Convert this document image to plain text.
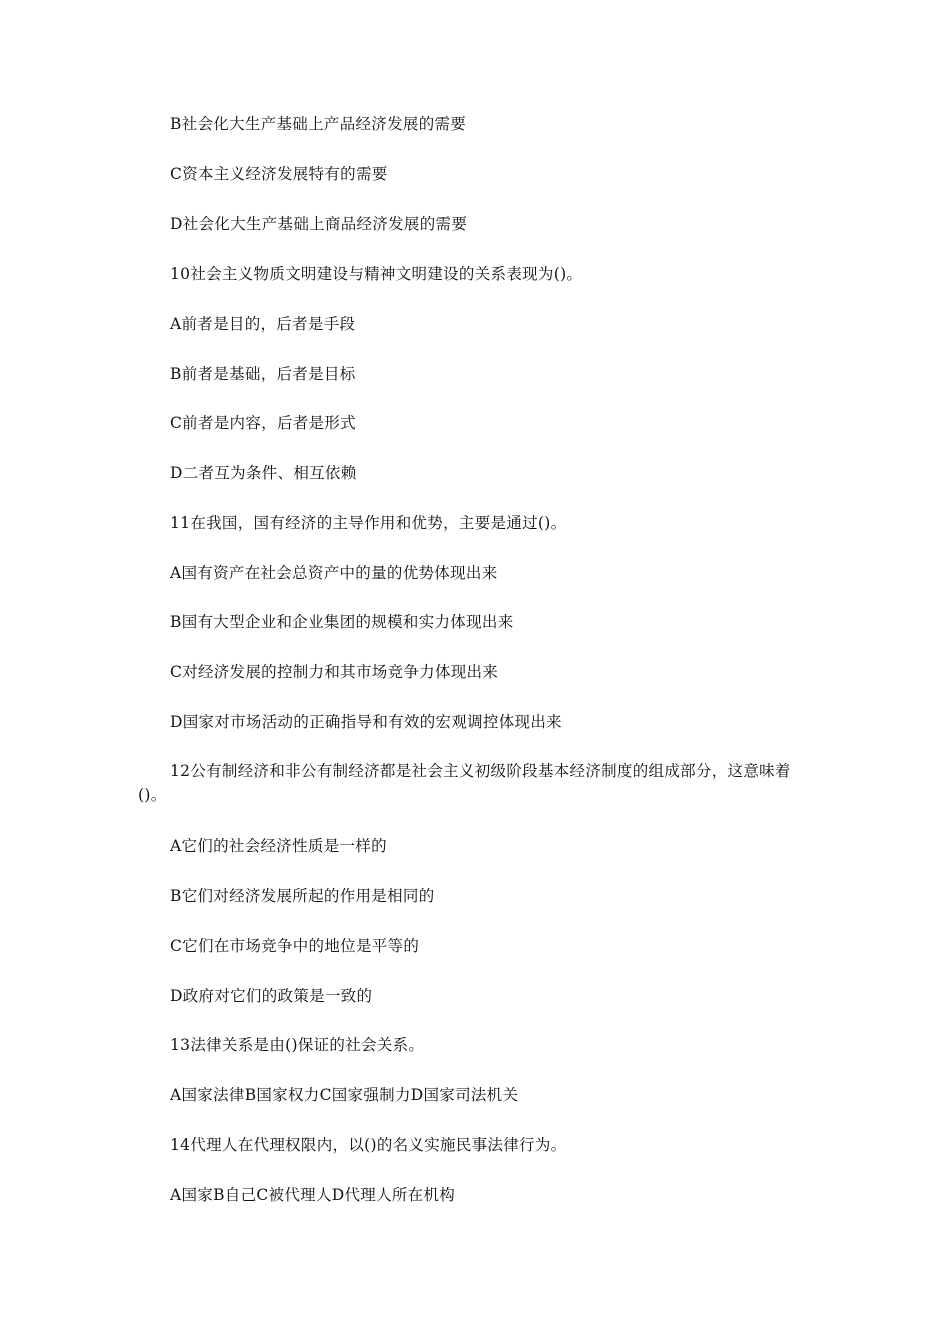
B社会化大生产基础上产品经济发展的需要
C资本主义经济发展特有的需要
D社会化大生产基础上商品经济发展的需要
10社会主义物质文明建设与精神文明建设的关系表现为()。
A前者是目的，后者是手段
B前者是基础，后者是目标
C前者是内容，后者是形式
D二者互为条件、相互依赖
11在我国，国有经济的主导作用和优势，主要是通过()。
A国有资产在社会总资产中的量的优势体现出来
B国有大型企业和企业集团的规模和实力体现出来
C对经济发展的控制力和其市场竞争力体现出来
D国家对市场活动的正确指导和有效的宏观调控体现出来
12公有制经济和非公有制经济都是社会主义初级阶段基本经济制度的组成部分，这意味着()。
A它们的社会经济性质是一样的
B它们对经济发展所起的作用是相同的
C它们在市场竞争中的地位是平等的
D政府对它们的政策是一致的
13法律关系是由()保证的社会关系。
A国家法律B国家权力C国家强制力D国家司法机关
14代理人在代理权限内，以()的名义实施民事法律行为。
A国家B自己C被代理人D代理人所在机构
